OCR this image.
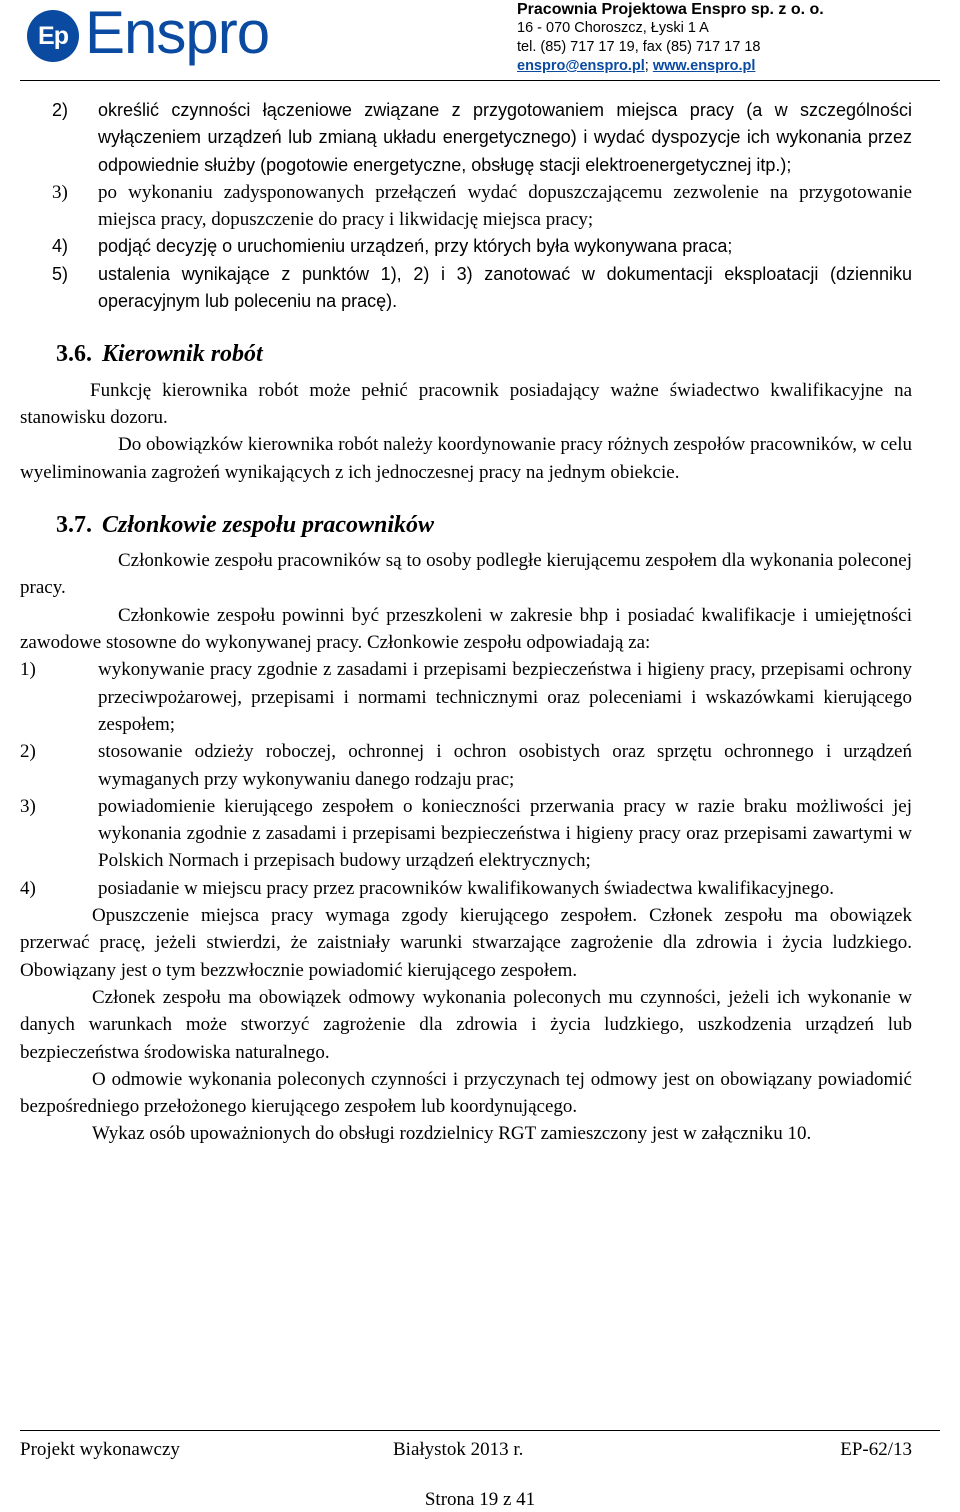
Ep Enspro	Pracownia Projektowa Enspro sp. z o. o.
16 - 070 Choroszcz, Łyski 1 A
tel. (85) 717 17 19, fax (85) 717 17 18
enspro@enspro.pl; www.enspro.pl

2) określić czynności łączeniowe związane z przygotowaniem miejsca pracy (a w szczególności wyłączeniem urządzeń lub zmianą układu energetycznego) i wydać dyspozycje ich wykonania przez odpowiednie służby (pogotowie energetyczne, obsługę stacji elektroenergetycznej itp.);

3) po wykonaniu zadysponowanych przełączeń wydać dopuszczającemu zezwolenie na przygotowanie miejsca pracy, dopuszczenie do pracy i likwidację miejsca pracy;

4) podjąć decyzję o uruchomieniu urządzeń, przy których była wykonywana praca;

5) ustalenia wynikające z punktów 1), 2) i 3) zanotować w dokumentacji eksploatacji (dzienniku operacyjnym lub poleceniu na pracę).

3.6. Kierownik robót

Funkcję kierownika robót może pełnić pracownik posiadający ważne świadectwo kwalifikacyjne na stanowisku dozoru.

Do obowiązków kierownika robót należy koordynowanie pracy różnych zespołów pracowników, w celu wyeliminowania zagrożeń wynikających z ich jednoczesnej pracy na jednym obiekcie.

3.7. Członkowie zespołu pracowników

Członkowie zespołu pracowników są to osoby podległe kierującemu zespołem dla wykonania poleconej pracy.

Członkowie zespołu powinni być przeszkoleni w zakresie bhp i posiadać kwalifikacje i umiejętności zawodowe stosowne do wykonywanej pracy. Członkowie zespołu odpowiadają za:

1)	wykonywanie pracy zgodnie z zasadami i przepisami bezpieczeństwa i higieny pracy, przepisami ochrony przeciwpożarowej, przepisami i normami technicznymi oraz poleceniami i wskazówkami kierującego zespołem;

2)	stosowanie odzieży roboczej, ochronnej i ochron osobistych oraz sprzętu ochronnego i urządzeń wymaganych przy wykonywaniu danego rodzaju prac;

3)	powiadomienie kierującego zespołem o konieczności przerwania pracy w razie braku możliwości jej wykonania zgodnie z zasadami i przepisami bezpieczeństwa i higieny pracy oraz przepisami zawartymi w Polskich Normach i przepisach budowy urządzeń elektrycznych;

4)	posiadanie w miejscu pracy przez pracowników kwalifikowanych świadectwa kwalifikacyjnego.

Opuszczenie miejsca pracy wymaga zgody kierującego zespołem. Członek zespołu ma obowiązek przerwać pracę, jeżeli stwierdzi, że zaistniały warunki stwarzające zagrożenie dla zdrowia i życia ludzkiego. Obowiązany jest o tym bezzwłocznie powiadomić kierującego zespołem.

Członek zespołu ma obowiązek odmowy wykonania poleconych mu czynności, jeżeli ich wykonanie w danych warunkach może stworzyć zagrożenie dla zdrowia i życia ludzkiego, uszkodzenia urządzeń lub bezpieczeństwa środowiska naturalnego.

O odmowie wykonania poleconych czynności i przyczynach tej odmowy jest on obowiązany powiadomić bezpośredniego przełożonego kierującego zespołem lub koordynującego.

Wykaz osób upoważnionych do obsługi rozdzielnicy RGT zamieszczony jest w załączniku 10.

Projekt wykonawczy	Białystok 2013 r.	EP-62/13
Strona 19 z 41
